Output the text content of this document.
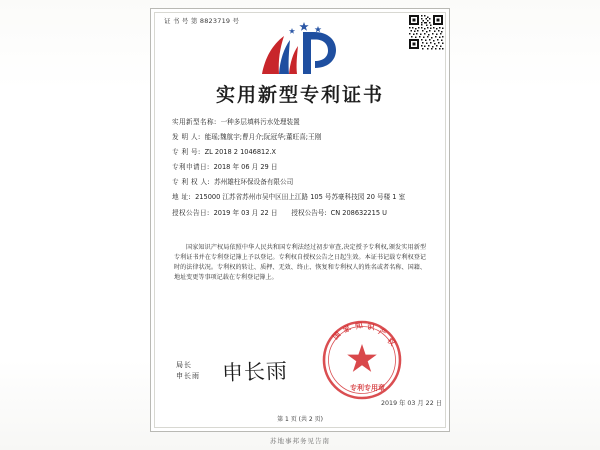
证 书 号 第 8823719 号
实用新型专利证书
实用新型名称: 一种多层填料污水处理装置
发 明 人: 能瑶;魏航宇;曹月介;阮冠华;董旺喜;王刚
专 利 号: ZL 2018 2 1046812.X
专利申请日: 2018 年 06 月 29 日
专 利 权 人: 苏州雄柱环保设备有限公司
地 址: 215000 江苏省苏州市吴中区田上江路 105 号苏豪科技园 20 号楼 1 室
授权公告日: 2019 年 03 月 22 日 授权公告号: CN 208632215 U

国家知识产权局依照中华人民共和国专利法经过初步审查,决定授予专利权,颁发实用新型专利证书并在专利登记簿上予以登记。专利权自授权公告之日起生效。本证书记载专利权登记时的法律状况。专利权的转让、质押、无效、终止、恢复和专利权人的姓名或者名称、国籍、地址变更等事项记载在专利登记簿上。

国
家 知 识 产
权
专利专用章
局长
申长雨 申长雨
2019 年 03 月 22 日
第 1 页 (共 2 页)
苏地事邦务见告南
